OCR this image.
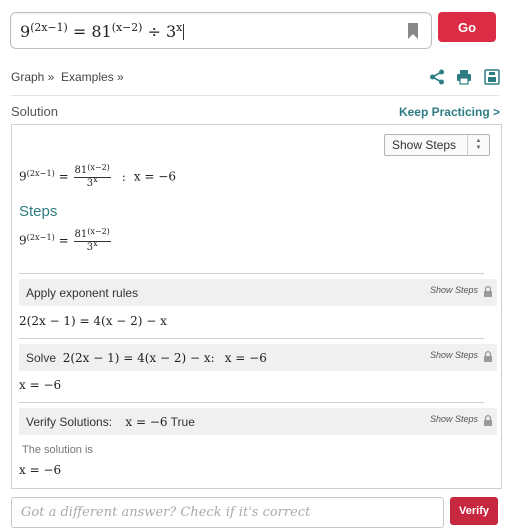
$9^{(2x-1)} = 81^{(x-2)} \div 3^x$	Go
Graph » Examples »
Solution	Keep Practicing >
Show Steps	▲
▼
$9^{(2x-1)} = \frac{81^{(x-2)}}{3^x}$ : x = −6
Steps
$9^{(2x-1)} = \frac{81^{(x-2)}}{3^x}$
Apply exponent rules	Show Steps
2(2x − 1) = 4(x − 2) − x
Solve 2(2x − 1) = 4(x − 2) − x: x = −6	Show Steps
x = −6
Verify Solutions: x = −6 True	Show Steps
The solution is
x = −6
Got a different answer? Check if it's correct	Verify
